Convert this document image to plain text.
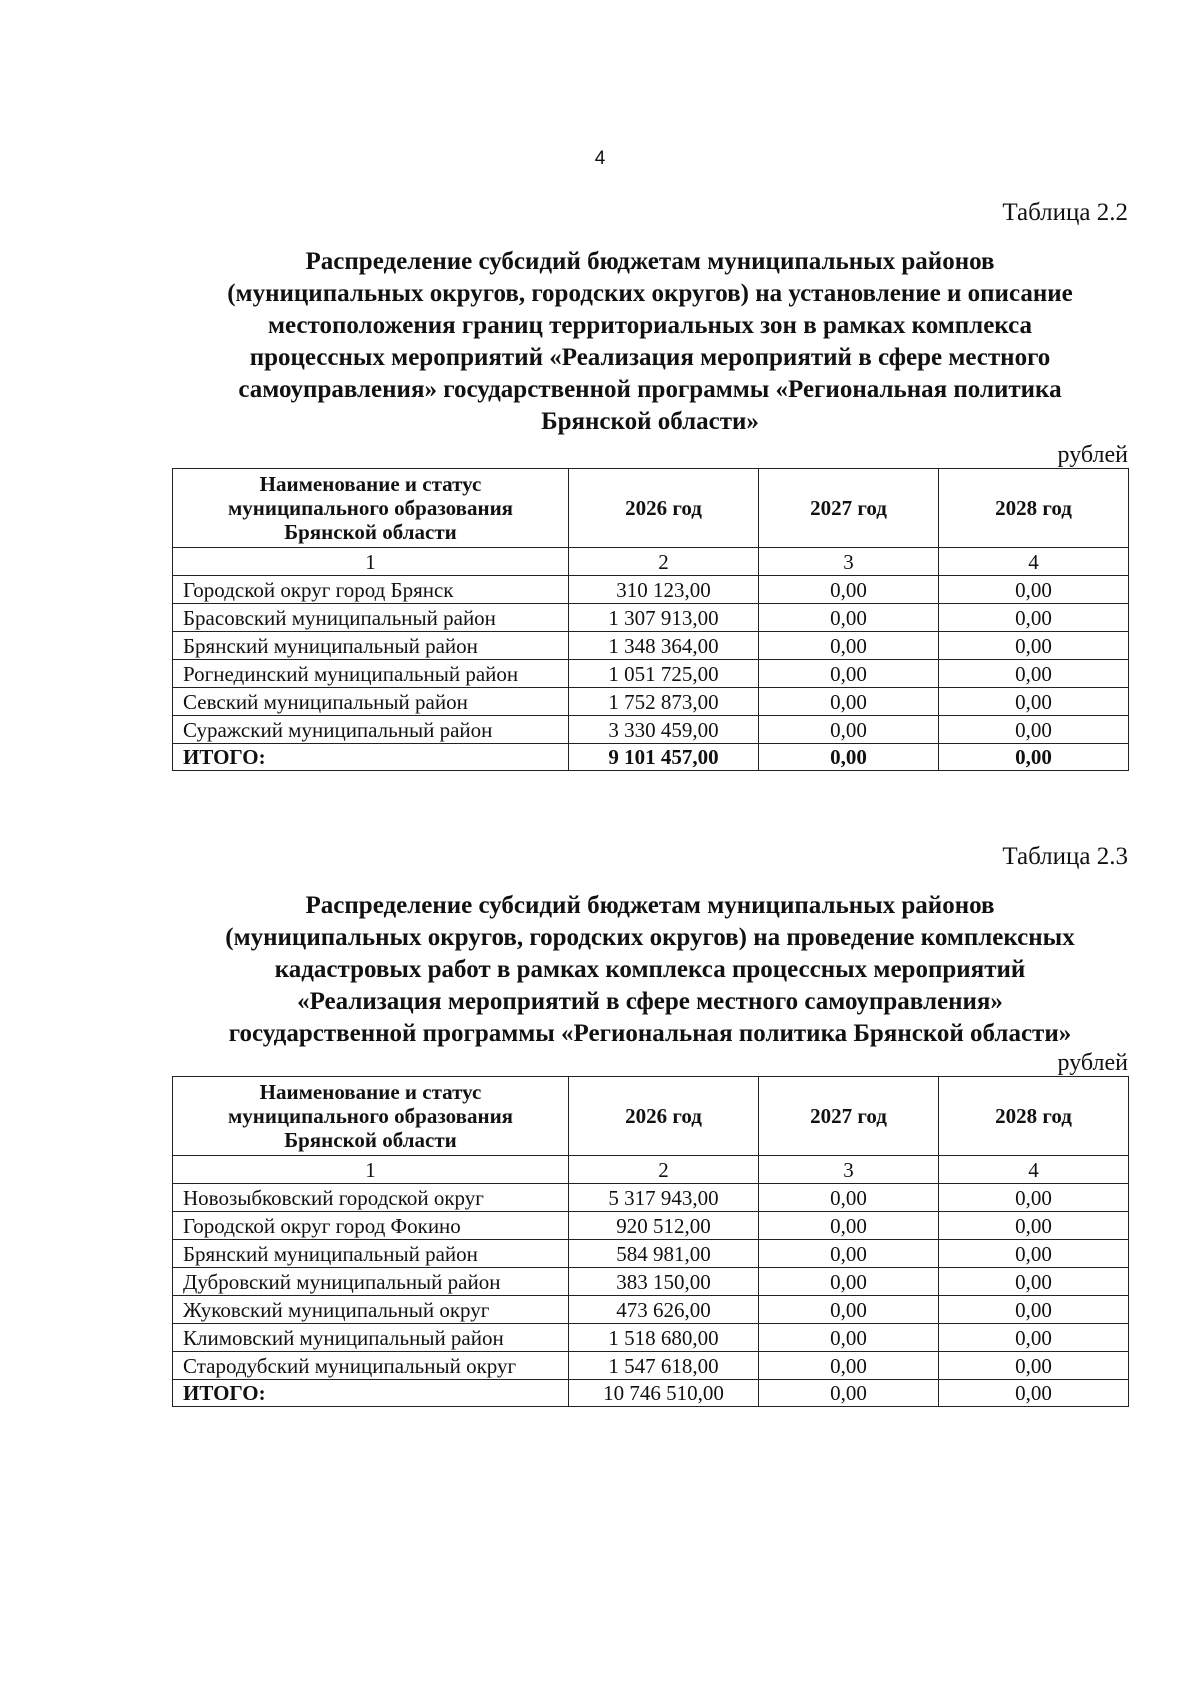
4
Таблица 2.2
Распределение субсидий бюджетам муниципальных районов
(муниципальных округов, городских округов) на установление и описание
местоположения границ территориальных зон в рамках комплекса
процессных мероприятий «Реализация мероприятий в сфере местного
самоуправления» государственной программы «Региональная политика
Брянской области»
рублей
Наименование и статус
муниципального образования
Брянской области	2026 год	2027 год	2028 год
1	2	3	4
Городской округ город Брянск	310 123,00	0,00	0,00
Брасовский муниципальный район	1 307 913,00	0,00	0,00
Брянский муниципальный район	1 348 364,00	0,00	0,00
Рогнединский муниципальный район	1 051 725,00	0,00	0,00
Севский муниципальный район	1 752 873,00	0,00	0,00
Суражский муниципальный район	3 330 459,00	0,00	0,00
ИТОГО:	9 101 457,00	0,00	0,00
Таблица 2.3
Распределение субсидий бюджетам муниципальных районов
(муниципальных округов, городских округов) на проведение комплексных
кадастровых работ в рамках комплекса процессных мероприятий
«Реализация мероприятий в сфере местного самоуправления»
государственной программы «Региональная политика Брянской области»
рублей
Наименование и статус
муниципального образования
Брянской области	2026 год	2027 год	2028 год
1	2	3	4
Новозыбковский городской округ	5 317 943,00	0,00	0,00
Городской округ город Фокино	920 512,00	0,00	0,00
Брянский муниципальный район	584 981,00	0,00	0,00
Дубровский муниципальный район	383 150,00	0,00	0,00
Жуковский муниципальный округ	473 626,00	0,00	0,00
Климовский муниципальный район	1 518 680,00	0,00	0,00
Стародубский муниципальный округ	1 547 618,00	0,00	0,00
ИТОГО:	10 746 510,00	0,00	0,00
